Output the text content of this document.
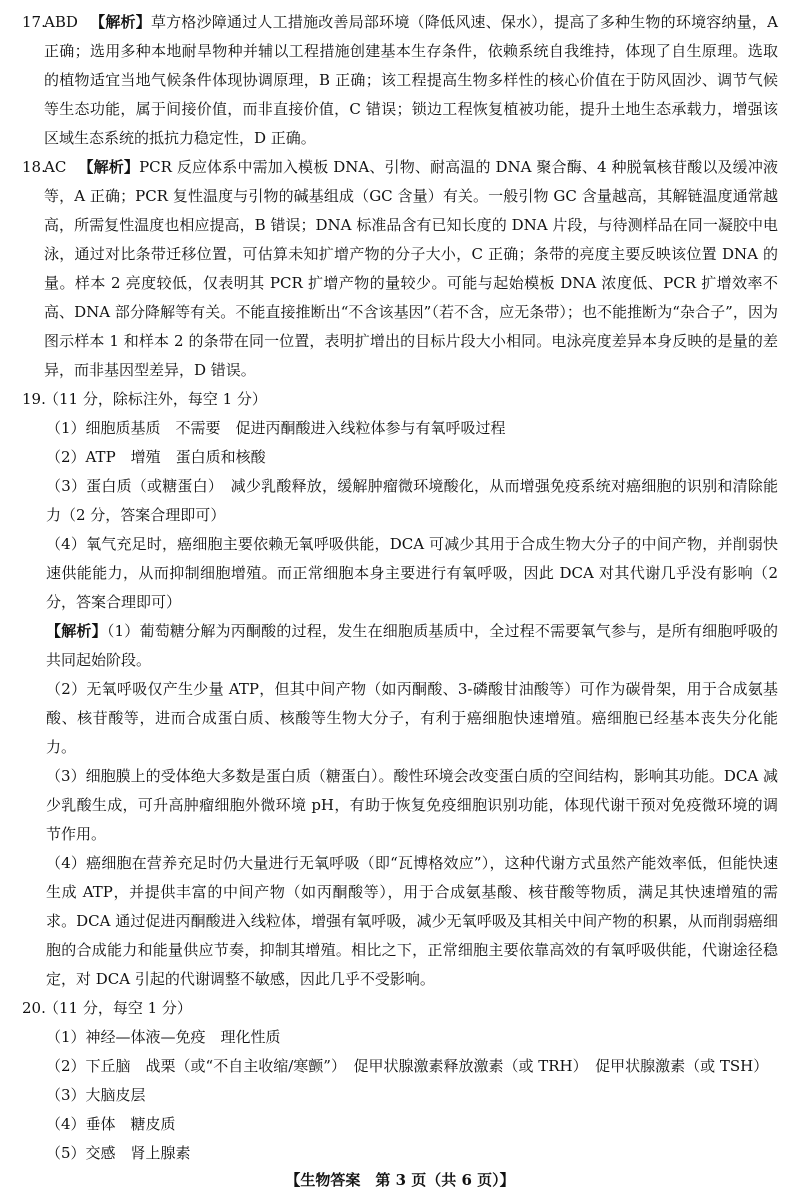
17.

ABD 【解析】草方格沙障通过人工措施改善局部环境（降低风速、保水），提高了多种生物的环境容纳量，A 正确；选用多种本地耐旱物种并辅以工程措施创建基本生存条件，依赖系统自我维持，体现了自生原理。选取的植物适宜当地气候条件体现协调原理，B 正确；该工程提高生物多样性的核心价值在于防风固沙、调节气候等生态功能，属于间接价值，而非直接价值，C 错误；锁边工程恢复植被功能，提升土地生态承载力，增强该区域生态系统的抵抗力稳定性，D 正确。

18.

AC 【解析】PCR 反应体系中需加入模板 DNA、引物、耐高温的 DNA 聚合酶、4 种脱氧核苷酸以及缓冲液等，A 正确；PCR 复性温度与引物的碱基组成（GC 含量）有关。一般引物 GC 含量越高，其解链温度通常越高，所需复性温度也相应提高，B 错误；DNA 标准品含有已知长度的 DNA 片段，与待测样品在同一凝胶中电泳，通过对比条带迁移位置，可估算未知扩增产物的分子大小，C 正确；条带的亮度主要反映该位置 DNA 的量。样本 2 亮度较低，仅表明其 PCR 扩增产物的量较少。可能与起始模板 DNA 浓度低、PCR 扩增效率不高、DNA 部分降解等有关。不能直接推断出“不含该基因”（若不含，应无条带）；也不能推断为“杂合子”，因为图示样本 1 和样本 2 的条带在同一位置，表明扩增出的目标片段大小相同。电泳亮度差异本身反映的是量的差异，而非基因型差异，D 错误。

19.

（11 分，除标注外，每空 1 分）

（1）细胞质基质　不需要　促进丙酮酸进入线粒体参与有氧呼吸过程

（2）ATP　增殖　蛋白质和核酸

（3）蛋白质（或糖蛋白）　减少乳酸释放，缓解肿瘤微环境酸化，从而增强免疫系统对癌细胞的识别和清除能力（2 分，答案合理即可）

（4）氧气充足时，癌细胞主要依赖无氧呼吸供能，DCA 可减少其用于合成生物大分子的中间产物，并削弱快速供能能力，从而抑制细胞增殖。而正常细胞本身主要进行有氧呼吸，因此 DCA 对其代谢几乎没有影响（2 分，答案合理即可）

【解析】（1）葡萄糖分解为丙酮酸的过程，发生在细胞质基质中，全过程不需要氧气参与，是所有细胞呼吸的共同起始阶段。

（2）无氧呼吸仅产生少量 ATP，但其中间产物（如丙酮酸、3-磷酸甘油酸等）可作为碳骨架，用于合成氨基酸、核苷酸等，进而合成蛋白质、核酸等生物大分子，有利于癌细胞快速增殖。癌细胞已经基本丧失分化能力。

（3）细胞膜上的受体绝大多数是蛋白质（糖蛋白）。酸性环境会改变蛋白质的空间结构，影响其功能。DCA 减少乳酸生成，可升高肿瘤细胞外微环境 pH，有助于恢复免疫细胞识别功能，体现代谢干预对免疫微环境的调节作用。

（4）癌细胞在营养充足时仍大量进行无氧呼吸（即“瓦博格效应”），这种代谢方式虽然产能效率低，但能快速生成 ATP，并提供丰富的中间产物（如丙酮酸等），用于合成氨基酸、核苷酸等物质，满足其快速增殖的需求。DCA 通过促进丙酮酸进入线粒体，增强有氧呼吸，减少无氧呼吸及其相关中间产物的积累，从而削弱癌细胞的合成能力和能量供应节奏，抑制其增殖。相比之下，正常细胞主要依靠高效的有氧呼吸供能，代谢途径稳定，对 DCA 引起的代谢调整不敏感，因此几乎不受影响。

20.

（11 分，每空 1 分）

（1）神经—体液—免疫　理化性质

（2）下丘脑　战栗（或“不自主收缩/寒颤”）　促甲状腺激素释放激素（或 TRH）　促甲状腺激素（或 TSH）

（3）大脑皮层

（4）垂体　糖皮质

（5）交感　肾上腺素

【生物答案　第 3 页（共 6 页）】
